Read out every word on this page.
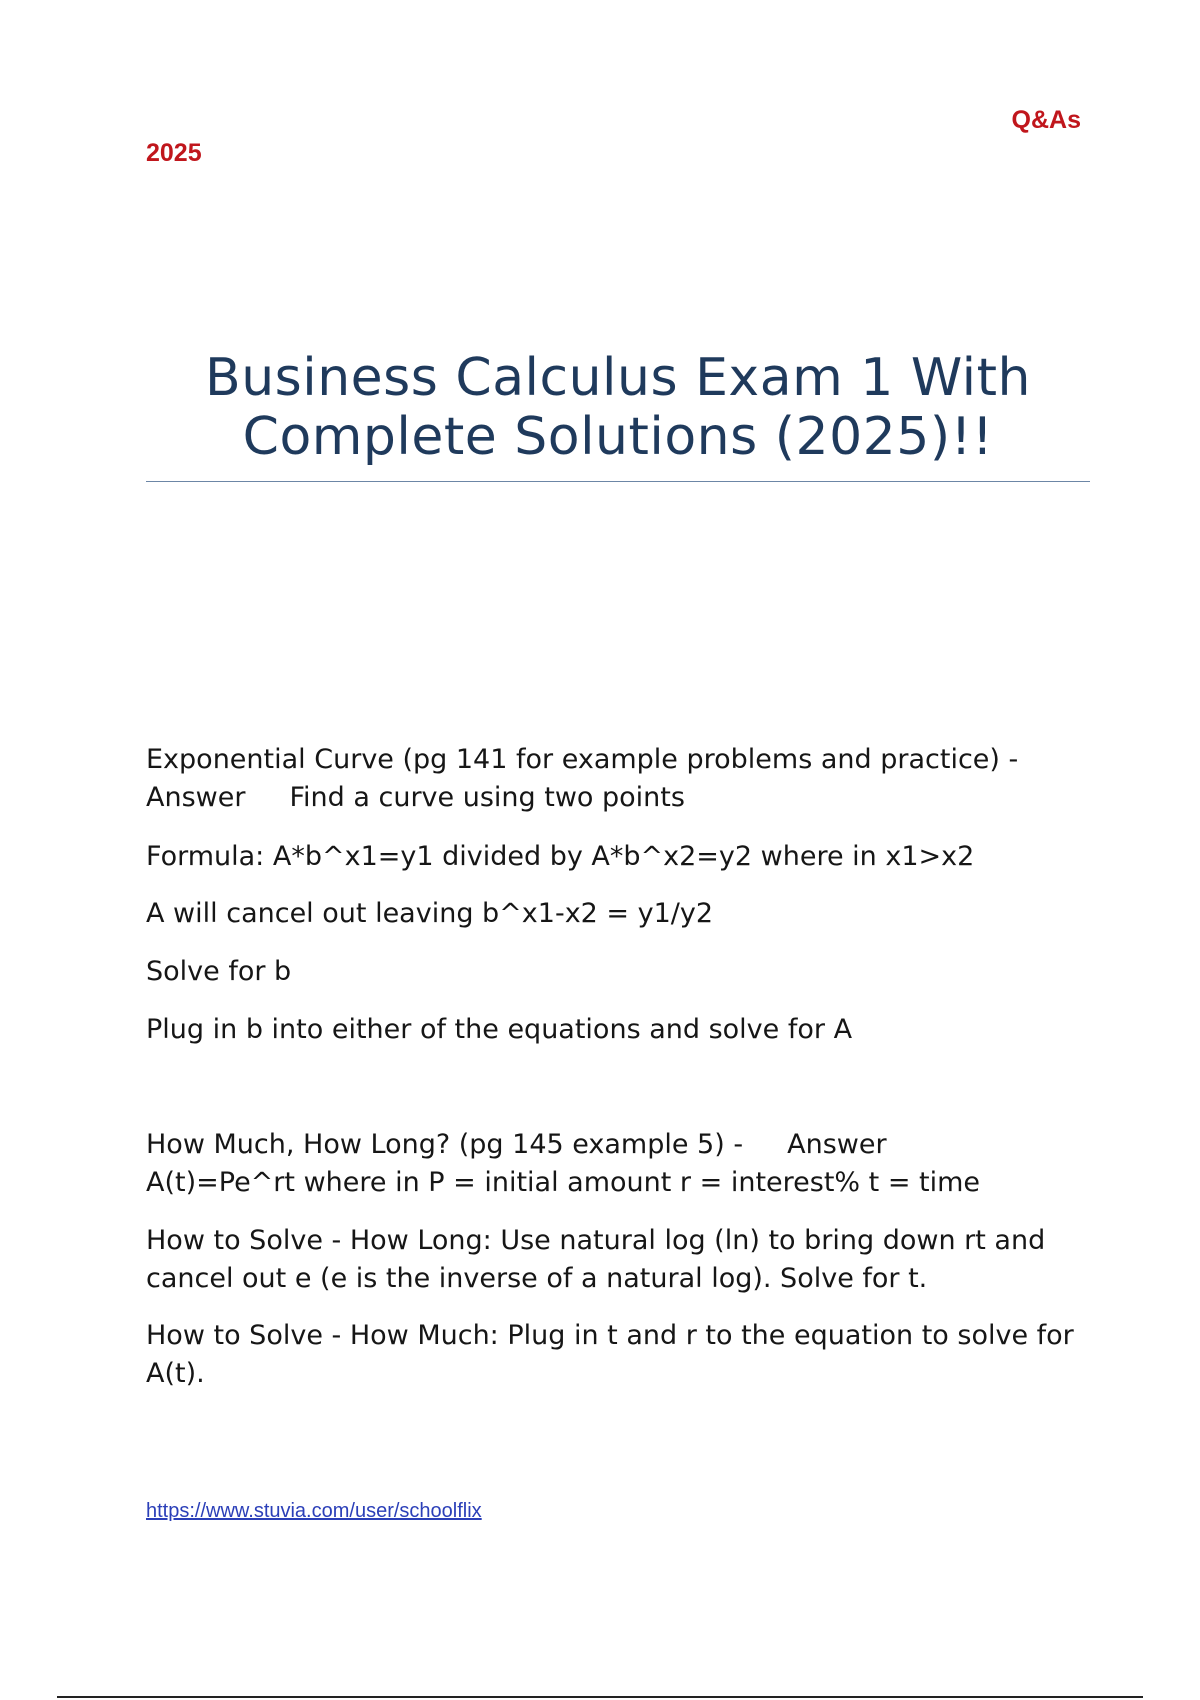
Q&As
2025
Business Calculus Exam 1 With
Complete Solutions (2025)!!
Exponential Curve (pg 141 for example problems and practice) -
Answer Find a curve using two points
Formula: A*b^x1=y1 divided by A*b^x2=y2 where in x1>x2
A will cancel out leaving b^x1-x2 = y1/y2
Solve for b
Plug in b into either of the equations and solve for A
How Much, How Long? (pg 145 example 5) - Answer
A(t)=Pe^rt where in P = initial amount r = interest% t = time
How to Solve - How Long: Use natural log (ln) to bring down rt and cancel out e (e is the inverse of a natural log). Solve for t.
How to Solve - How Much: Plug in t and r to the equation to solve for A(t).
https://www.stuvia.com/user/schoolflix
